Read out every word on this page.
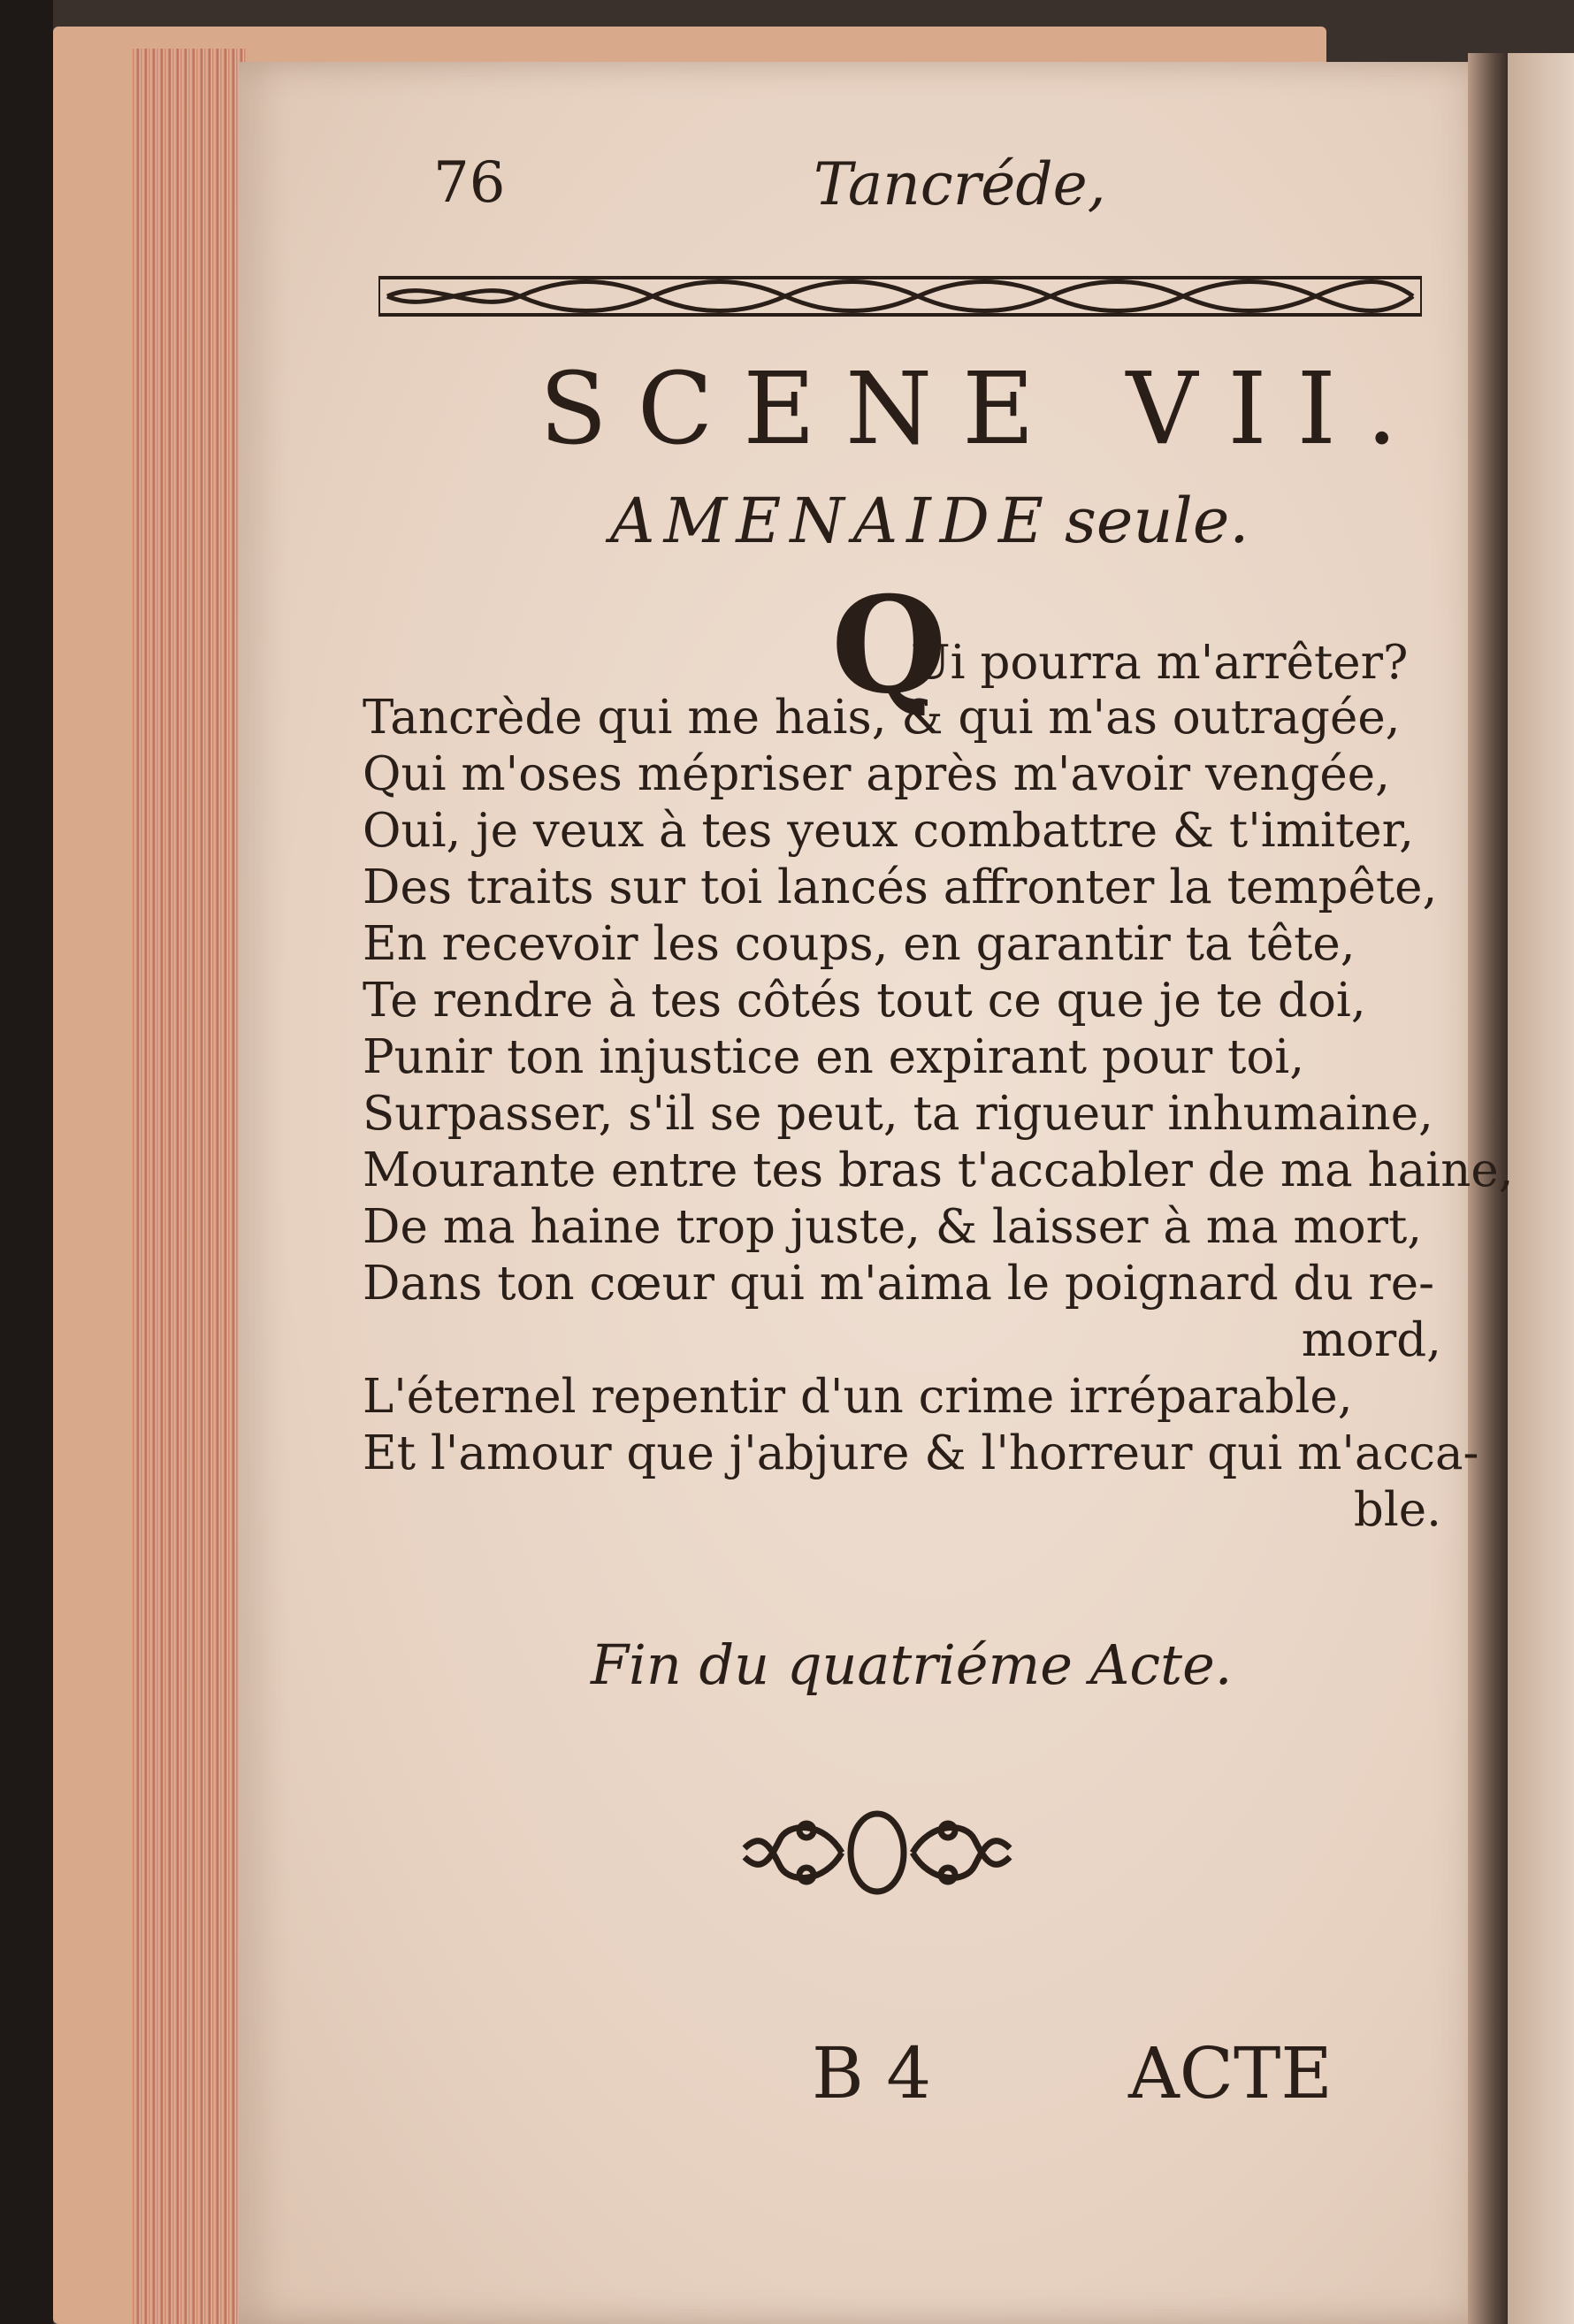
76	Tancréde,
SCENE VII.
AMENAIDE seule.
Q
Ui pourra m'arrêter?
Tancrède qui me hais, & qui m'as outragée,
Qui m'oses mépriser après m'avoir vengée,
Oui, je veux à tes yeux combattre & t'imiter,
Des traits sur toi lancés affronter la tempête,
En recevoir les coups, en garantir ta tête,
Te rendre à tes côtés tout ce que je te doi,
Punir ton injustice en expirant pour toi,
Surpasser, s'il se peut, ta rigueur inhumaine,
Mourante entre tes bras t'accabler de ma haine,
De ma haine trop juste, & laisser à ma mort,
Dans ton cœur qui m'aima le poignard du re-
mord,
L'éternel repentir d'un crime irréparable,
Et l'amour que j'abjure & l'horreur qui m'acca-
ble.
Fin du quatriéme Acte.
B 4	ACTE
